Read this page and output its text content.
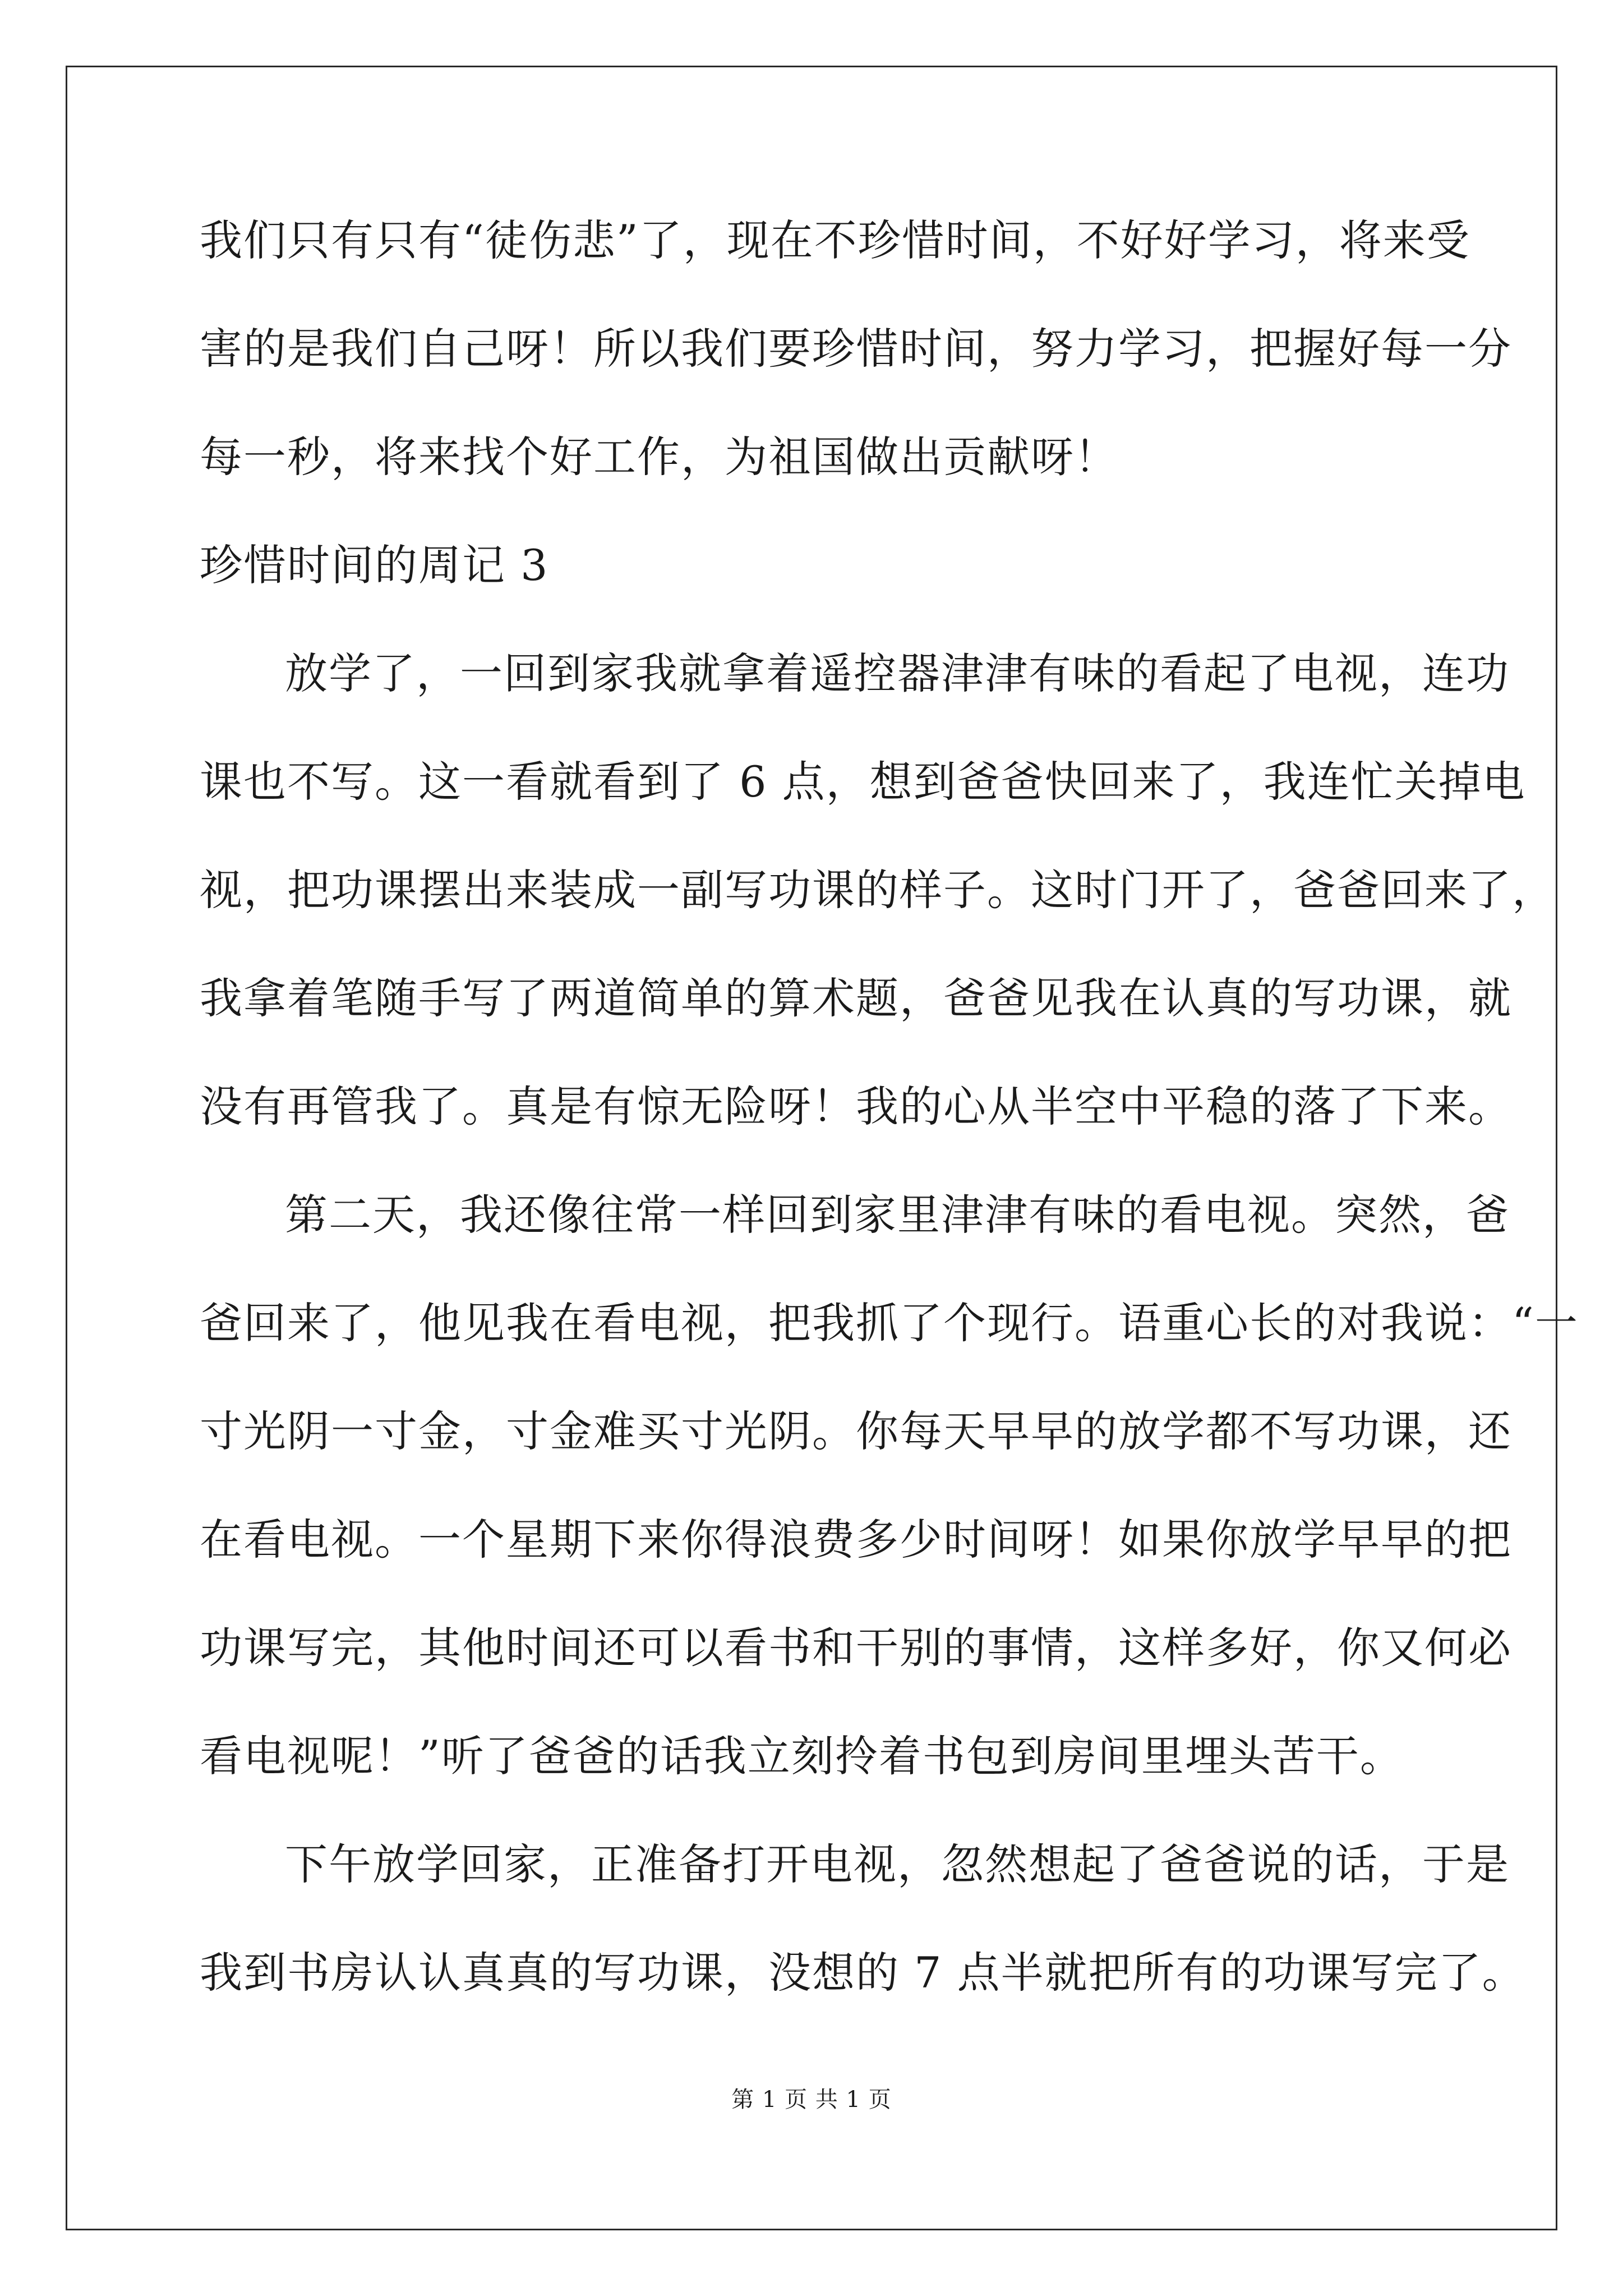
我们只有只有“徒伤悲”了，现在不珍惜时间，不好好学习，将来受
害的是我们自己呀！所以我们要珍惜时间，努力学习，把握好每一分
每一秒，将来找个好工作，为祖国做出贡献呀！
珍惜时间的周记 3
放学了，一回到家我就拿着遥控器津津有味的看起了电视，连功
课也不写。这一看就看到了 6 点，想到爸爸快回来了，我连忙关掉电
视，把功课摆出来装成一副写功课的样子。这时门开了，爸爸回来了，
我拿着笔随手写了两道简单的算术题，爸爸见我在认真的写功课，就
没有再管我了。真是有惊无险呀！我的心从半空中平稳的落了下来。
第二天，我还像往常一样回到家里津津有味的看电视。突然，爸
爸回来了，他见我在看电视，把我抓了个现行。语重心长的对我说：“一
寸光阴一寸金，寸金难买寸光阴。你每天早早的放学都不写功课，还
在看电视。一个星期下来你得浪费多少时间呀！如果你放学早早的把
功课写完，其他时间还可以看书和干别的事情，这样多好，你又何必
看电视呢！”听了爸爸的话我立刻拎着书包到房间里埋头苦干。
下午放学回家，正准备打开电视，忽然想起了爸爸说的话，于是
我到书房认认真真的写功课，没想的 7 点半就把所有的功课写完了。
第 1 页 共 1 页
